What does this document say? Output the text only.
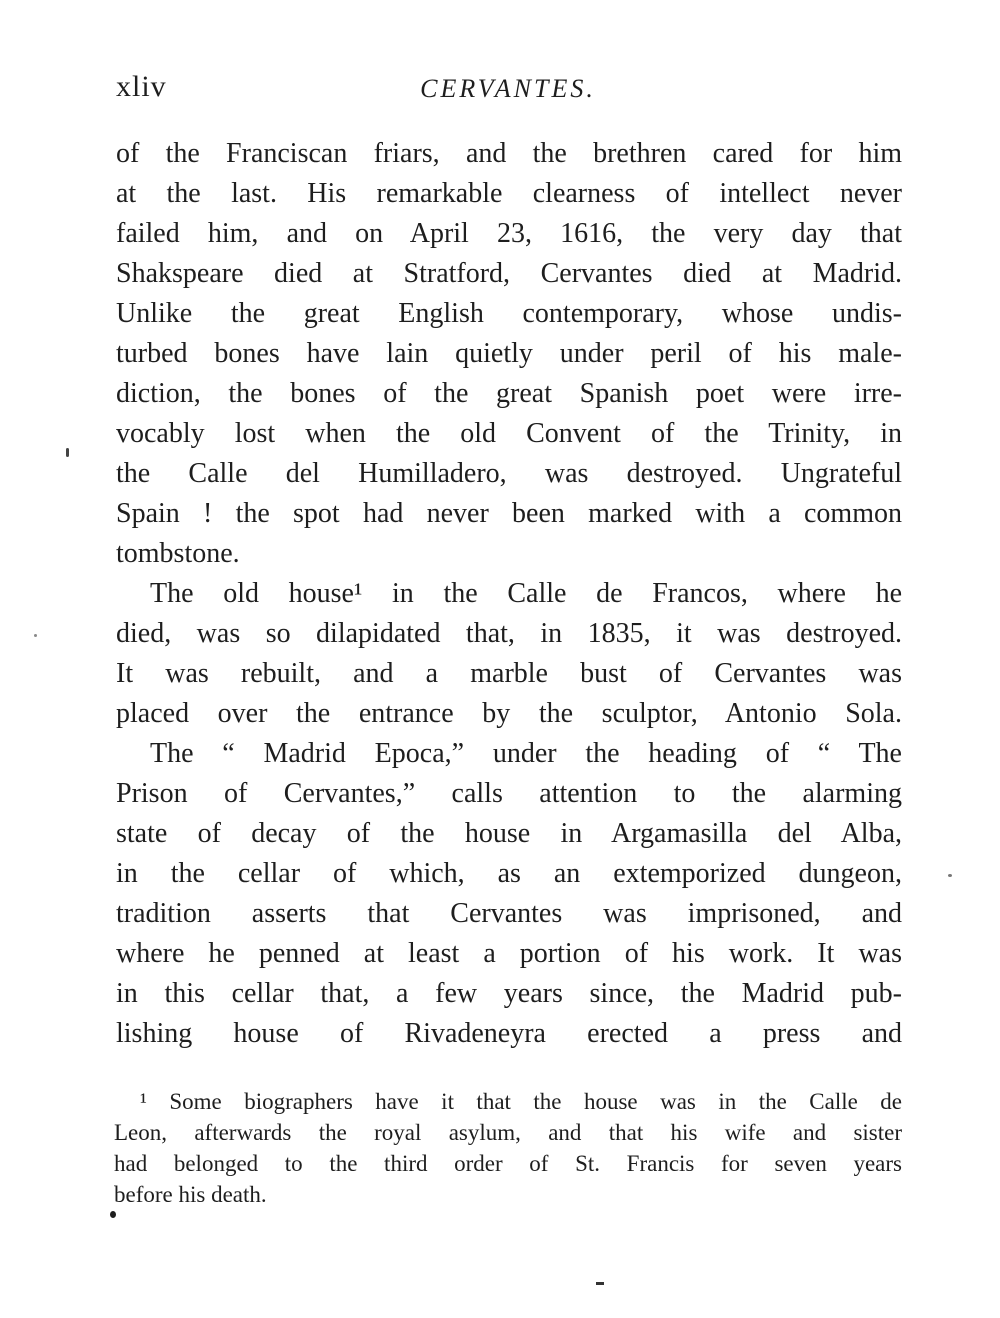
xliv	CERVANTES.
of the Franciscan friars, and the brethren cared for him
at the last. His remarkable clearness of intellect never
failed him, and on April 23, 1616, the very day that
Shakspeare died at Stratford, Cervantes died at Madrid.
Unlike the great English contemporary, whose undis-
turbed bones have lain quietly under peril of his male-
diction, the bones of the great Spanish poet were irre-
vocably lost when the old Convent of the Trinity, in
the Calle del Humilladero, was destroyed. Ungrateful
Spain ! the spot had never been marked with a common
tombstone.
The old house¹ in the Calle de Francos, where he
died, was so dilapidated that, in 1835, it was destroyed.
It was rebuilt, and a marble bust of Cervantes was
placed over the entrance by the sculptor, Antonio Sola.
The “ Madrid Epoca,” under the heading of “ The
Prison of Cervantes,” calls attention to the alarming
state of decay of the house in Argamasilla del Alba,
in the cellar of which, as an extemporized dungeon,
tradition asserts that Cervantes was imprisoned, and
where he penned at least a portion of his work. It was
in this cellar that, a few years since, the Madrid pub-
lishing house of Rivadeneyra erected a press and
¹ Some biographers have it that the house was in the Calle de
Leon, afterwards the royal asylum, and that his wife and sister
had belonged to the third order of St. Francis for seven years
before his death.
